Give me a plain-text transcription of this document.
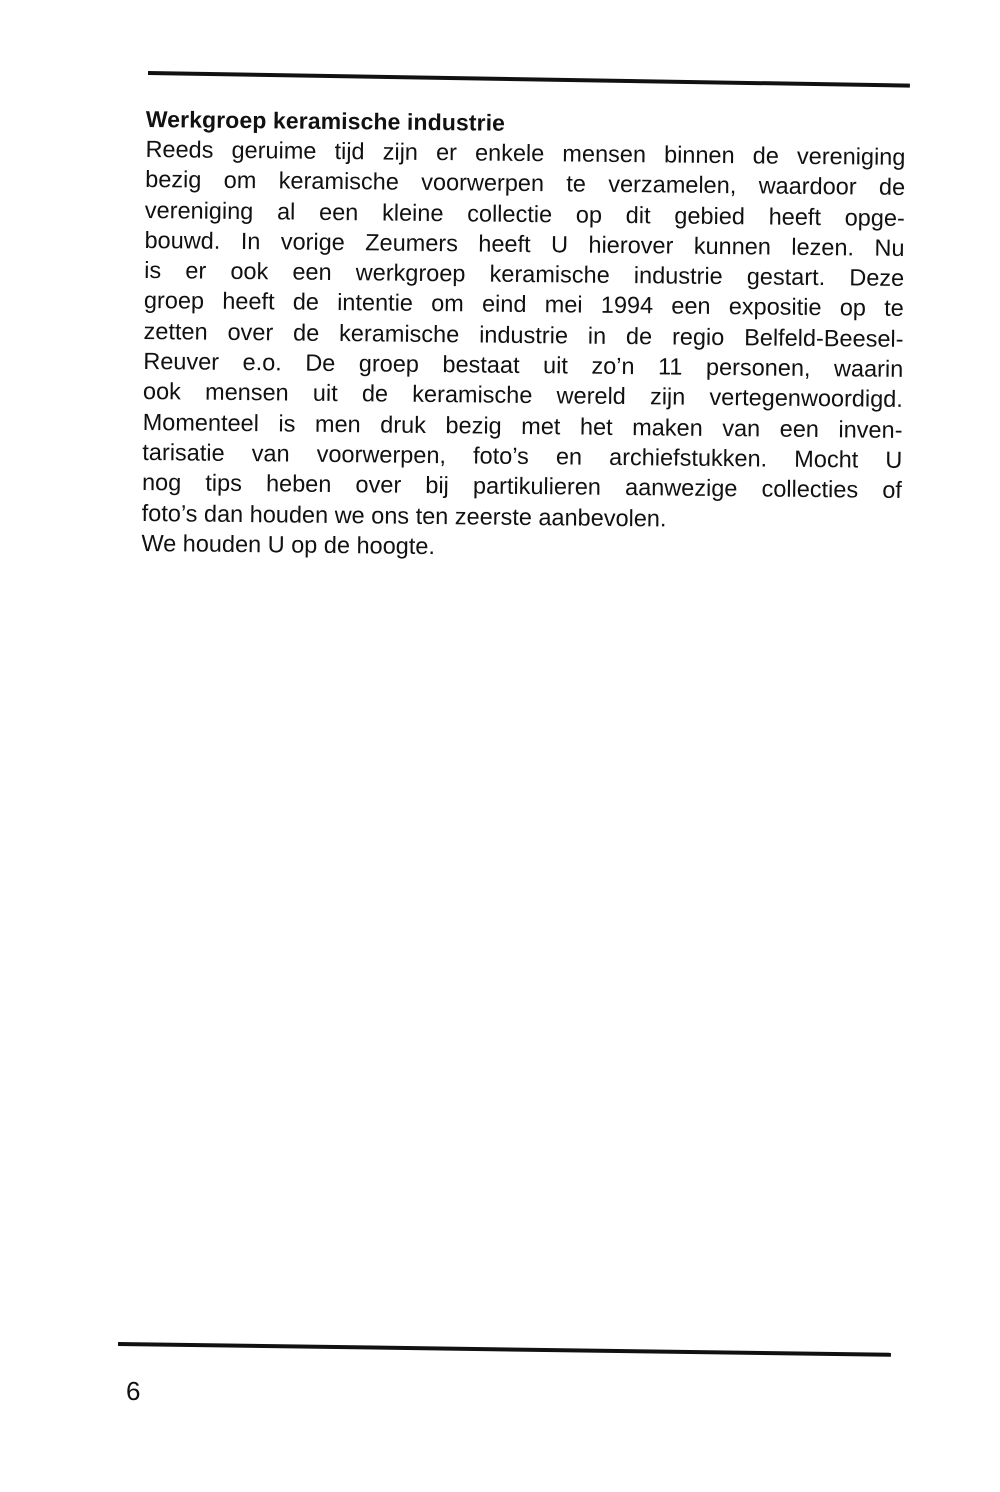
Werkgroep keramische industrie
Reeds geruime tijd zijn er enkele mensen binnen de vereniging
bezig om keramische voorwerpen te verzamelen, waardoor de
vereniging al een kleine collectie op dit gebied heeft opge-
bouwd. In vorige Zeumers heeft U hierover kunnen lezen. Nu
is er ook een werkgroep keramische industrie gestart. Deze
groep heeft de intentie om eind mei 1994 een expositie op te
zetten over de keramische industrie in de regio Belfeld-Beesel-
Reuver e.o. De groep bestaat uit zo’n 11 personen, waarin
ook mensen uit de keramische wereld zijn vertegenwoordigd.
Momenteel is men druk bezig met het maken van een inven-
tarisatie van voorwerpen, foto’s en archiefstukken. Mocht U
nog tips heben over bij partikulieren aanwezige collecties of
foto’s dan houden we ons ten zeerste aanbevolen.
We houden U op de hoogte.
6
